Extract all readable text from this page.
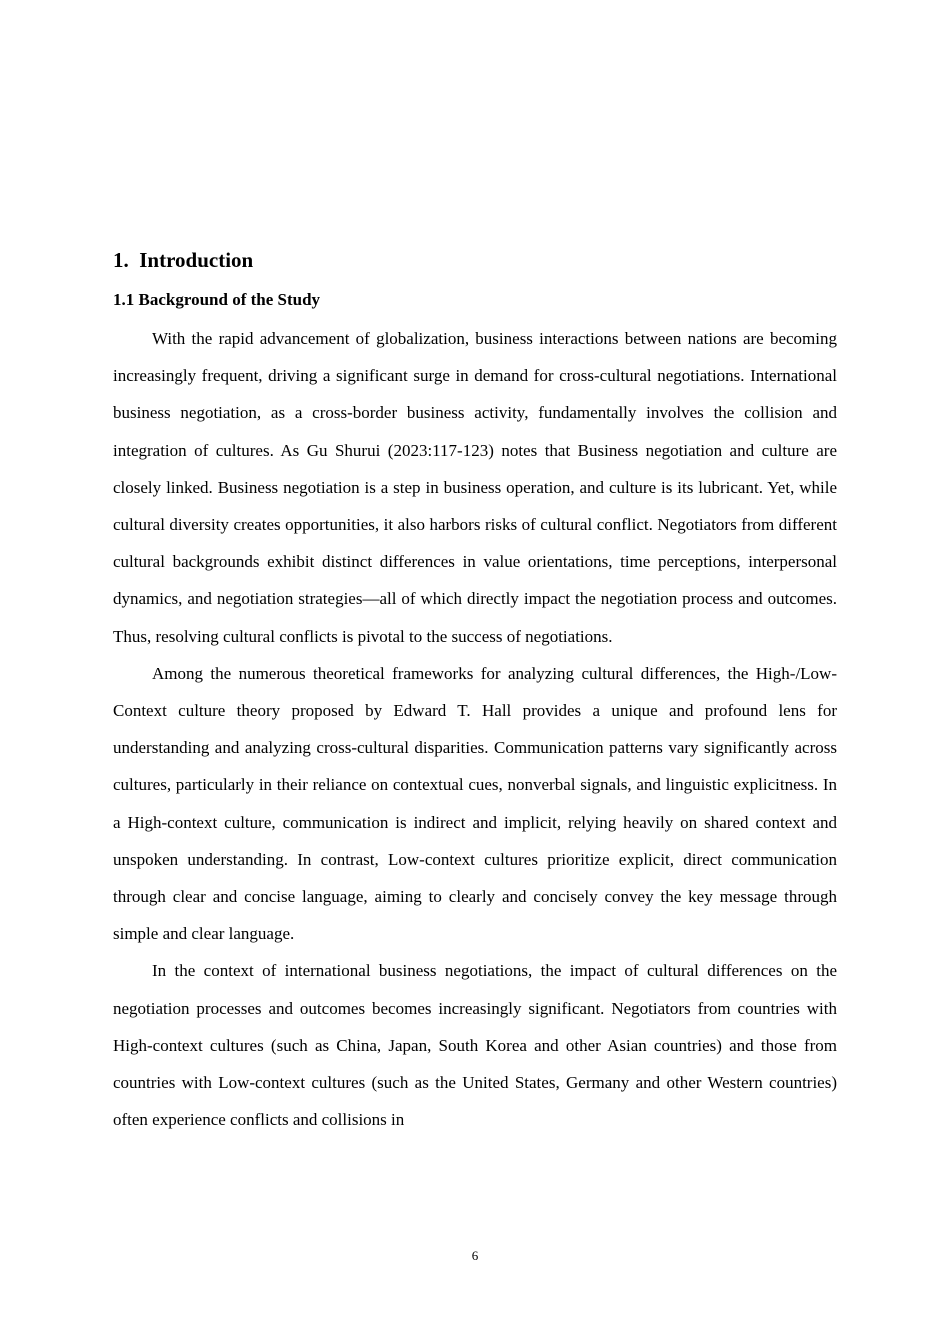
1.  Introduction
1.1 Background of the Study

With the rapid advancement of globalization, business interactions between nations are becoming increasingly frequent, driving a significant surge in demand for cross-cultural negotiations. International business negotiation, as a cross-border business activity, fundamentally involves the collision and integration of cultures. As Gu Shurui (2023:117-123) notes that Business negotiation and culture are closely linked. Business negotiation is a step in business operation, and culture is its lubricant. Yet, while cultural diversity creates opportunities, it also harbors risks of cultural conflict. Negotiators from different cultural backgrounds exhibit distinct differences in value orientations, time perceptions, interpersonal dynamics, and negotiation strategies—all of which directly impact the negotiation process and outcomes. Thus, resolving cultural conflicts is pivotal to the success of negotiations.

Among the numerous theoretical frameworks for analyzing cultural differences, the High-/Low-Context culture theory proposed by Edward T. Hall provides a unique and profound lens for understanding and analyzing cross-cultural disparities. Communication patterns vary significantly across cultures, particularly in their reliance on contextual cues, nonverbal signals, and linguistic explicitness. In a High-context culture, communication is indirect and implicit, relying heavily on shared context and unspoken understanding. In contrast, Low-context cultures prioritize explicit, direct communication through clear and concise language, aiming to clearly and concisely convey the key message through simple and clear language.

In the context of international business negotiations, the impact of cultural differences on the negotiation processes and outcomes becomes increasingly significant. Negotiators from countries with High-context cultures (such as China, Japan, South Korea and other Asian countries) and those from countries with Low-context cultures (such as the United States, Germany and other Western countries) often experience conflicts and collisions in

6
